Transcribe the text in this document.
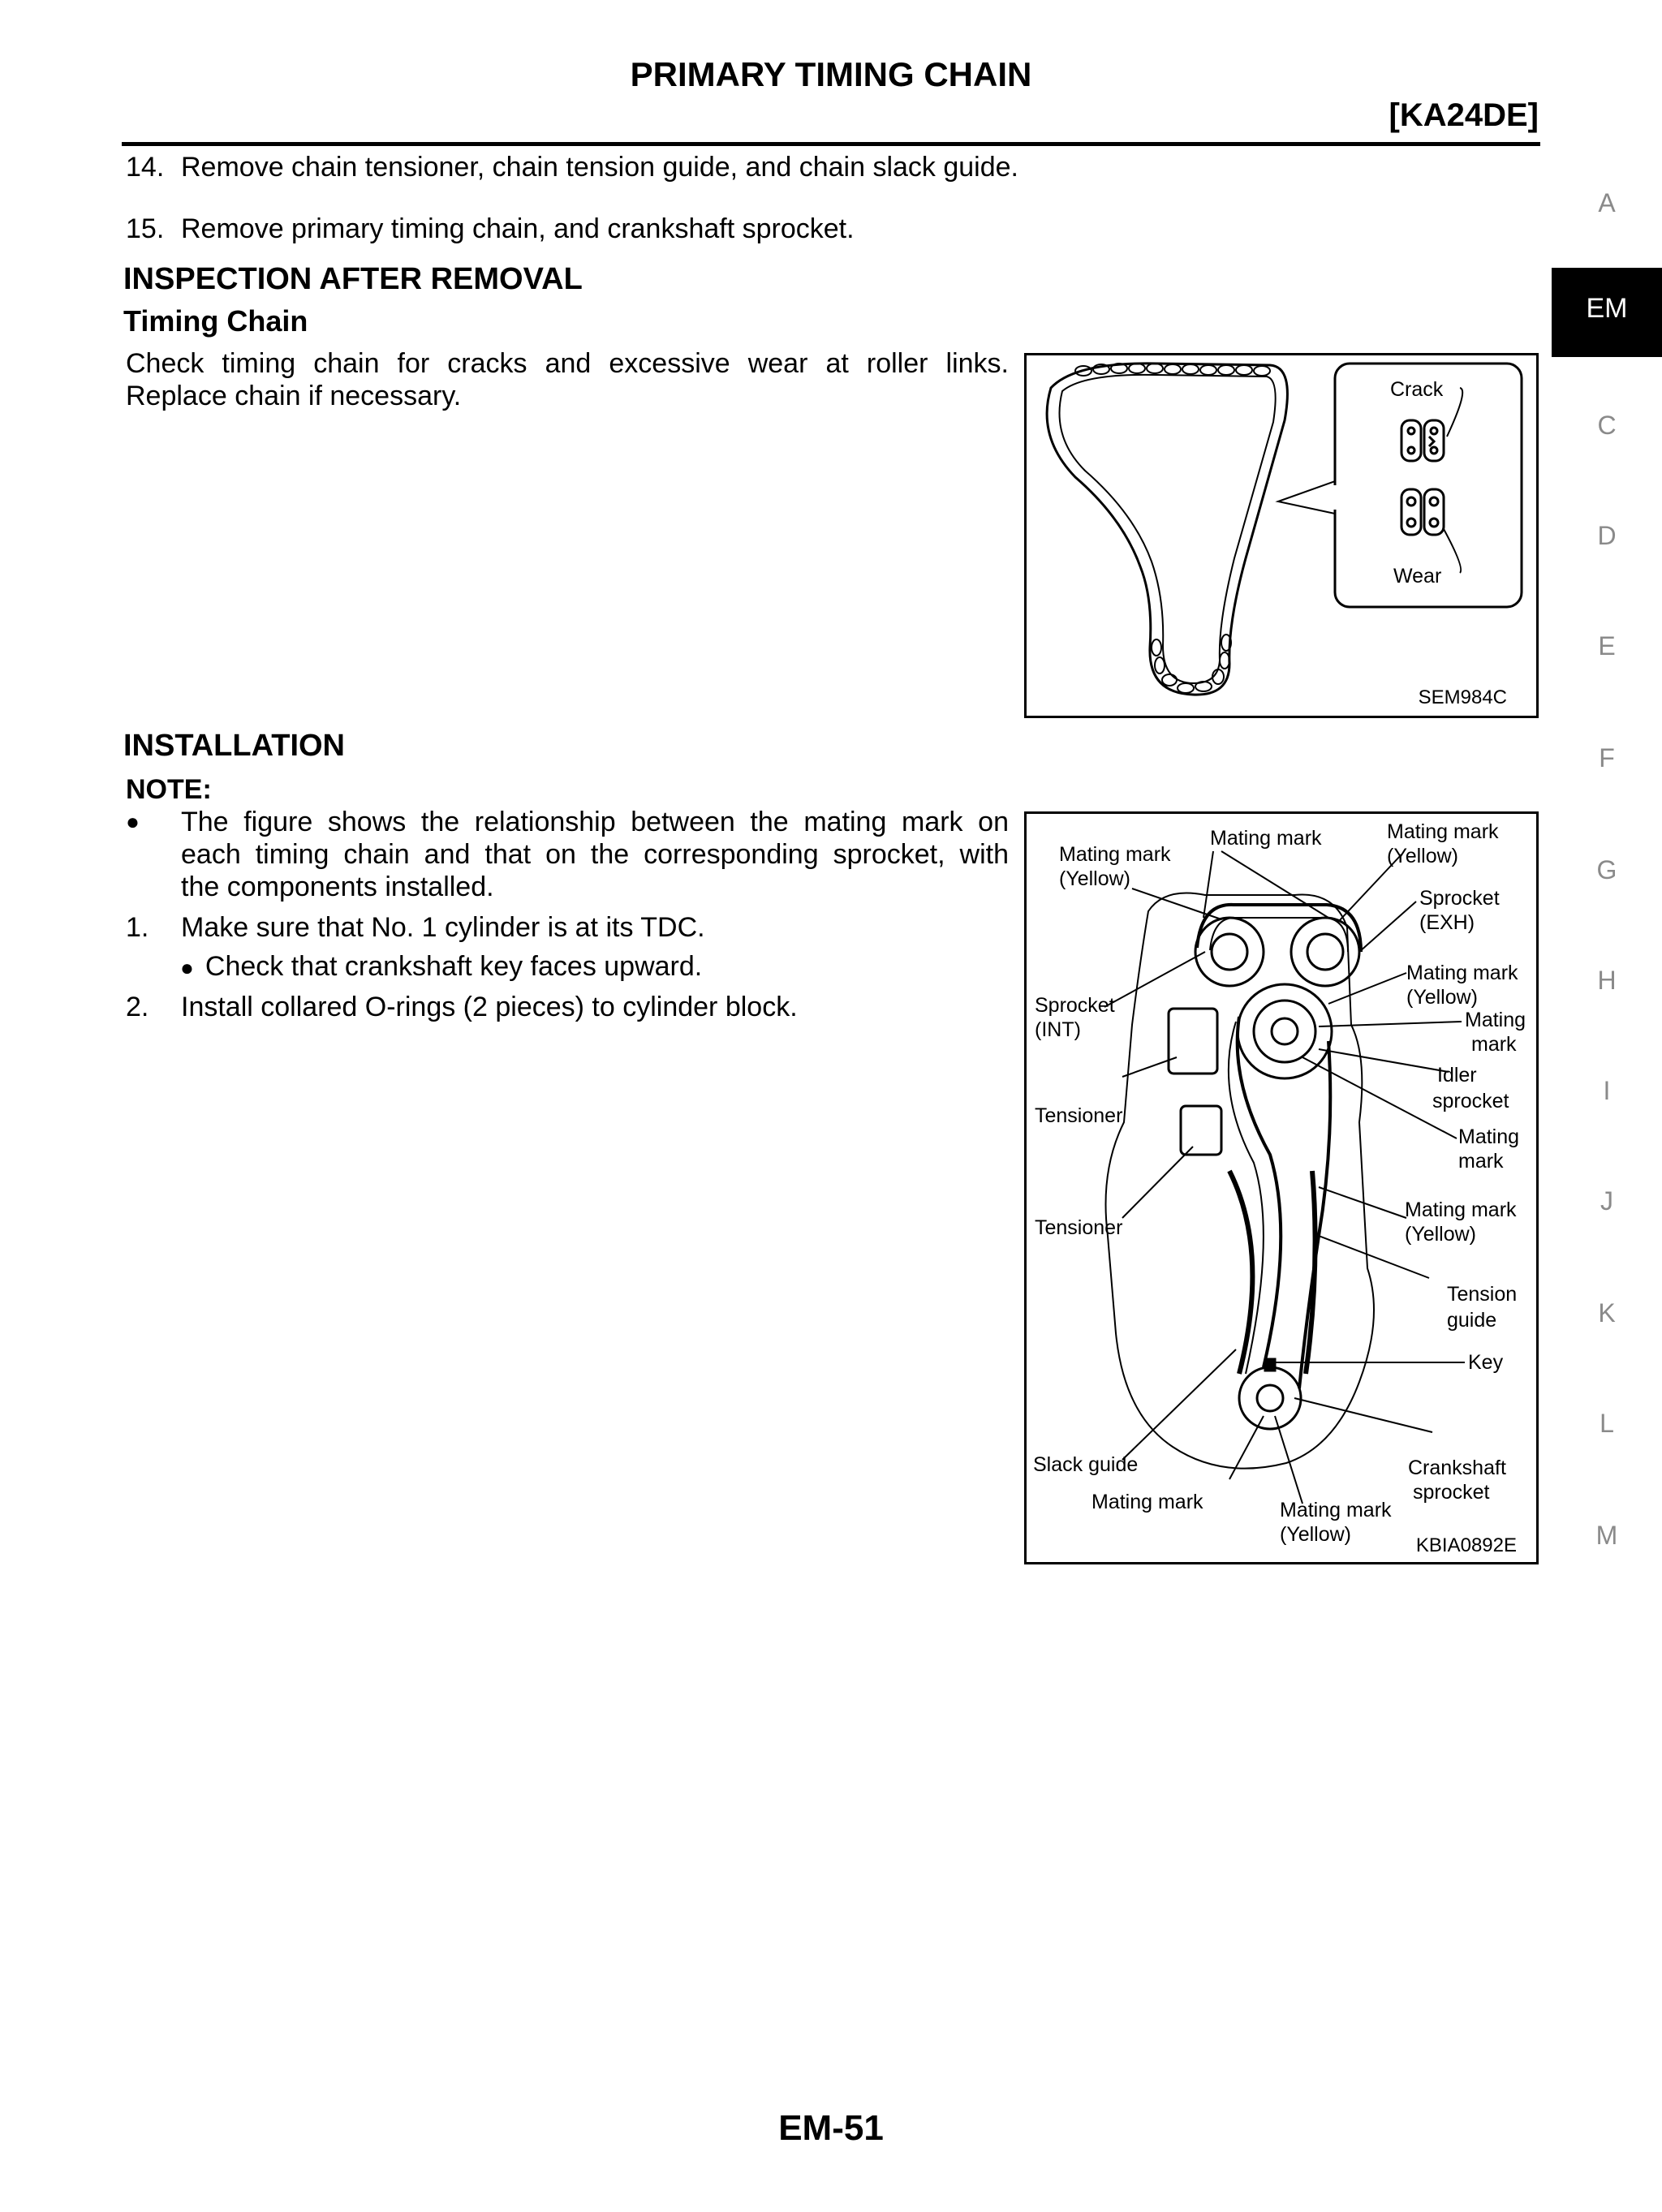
PRIMARY TIMING CHAIN
[KA24DE]
14. Remove chain tensioner, chain tension guide, and chain slack guide.
15. Remove primary timing chain, and crankshaft sprocket.
INSPECTION AFTER REMOVAL
Timing Chain
Check timing chain for cracks and excessive wear at roller links.
Replace chain if necessary.	Crack
Wear
SEM984C
INSTALLATION
NOTE:
● The figure shows the relationship between the mating mark on
each timing chain and that on the corresponding sprocket, with
the components installed.
1. Make sure that No. 1 cylinder is at its TDC.
● Check that crankshaft key faces upward.
2. Install collared O-rings (2 pieces) to cylinder block.
Mating mark
(Yellow)
Mating mark	Mating mark
(Yellow)
Sprocket
(EXH)
Mating mark
(Yellow)
Sprocket
(INT)	Mating
mark
Idler
sprocket
Tensioner
Mating
mark
Tensioner
Mating mark
(Yellow)
Tension
guide
Key
Slack guide	Crankshaft
sprocket
Mating mark	Mating mark
(Yellow)	KBIA0892E
A
EM
C
D
E
F
G
H
I
J
K
L
M
EM-51
